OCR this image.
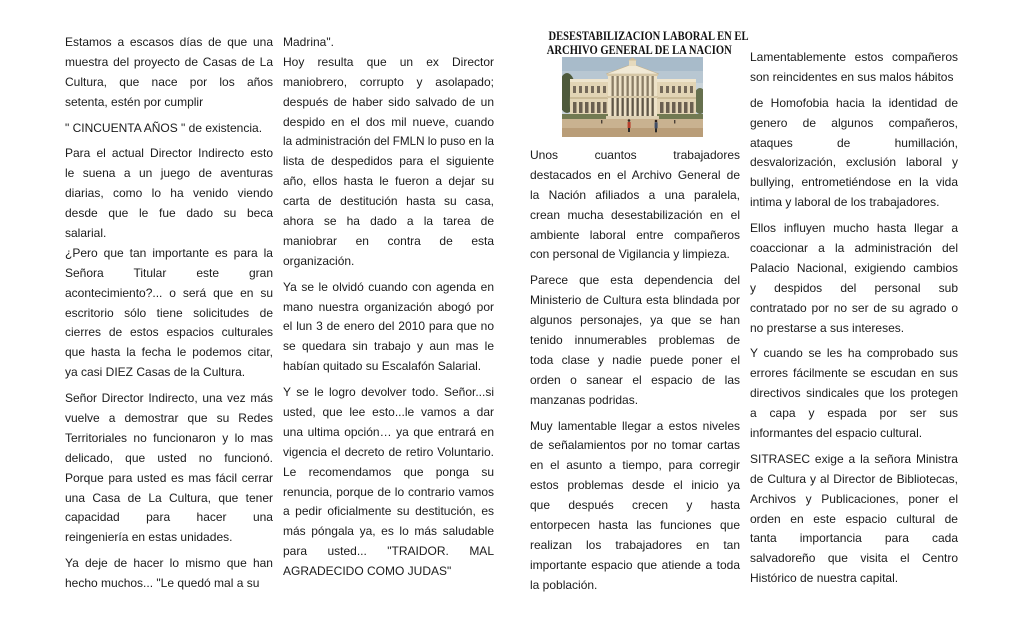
Estamos a escasos días de que una
muestra del proyecto de Casas de La
Cultura, que nace por los años
setenta, estén por cumplir
" CINCUENTA AÑOS " de existencia.
Para el actual Director Indirecto esto
le suena a un juego de aventuras
diarias, como lo ha venido viendo
desde que le fue dado su beca
salarial.
¿Pero que tan importante es para la
Señora Titular este gran
acontecimiento?... o será que en su
escritorio sólo tiene solicitudes de
cierres de estos espacios culturales
que hasta la fecha le podemos citar,
ya casi DIEZ Casas de la Cultura.
Señor Director Indirecto, una vez más
vuelve a demostrar que su Redes
Territoriales no funcionaron y lo mas
delicado, que usted no funcionó.
Porque para usted es mas fácil cerrar
una Casa de La Cultura, que tener
capacidad para hacer una
reingeniería en estas unidades.
Ya deje de hacer lo mismo que han
hecho muchos... "Le quedó mal a su
Madrina".
Hoy resulta que un ex Director
maniobrero, corrupto y asolapado;
después de haber sido salvado de un
despido en el dos mil nueve, cuando
la administración del FMLN lo puso en la
lista de despedidos para el siguiente
año, ellos hasta le fueron a dejar su
carta de destitución hasta su casa,
ahora se ha dado a la tarea de
maniobrar en contra de esta
organización.
Ya se le olvidó cuando con agenda en
mano nuestra organización abogó por
el lun 3 de enero del 2010 para que no
se quedara sin trabajo y aun mas le
habían quitado su Escalafón Salarial.
Y se le logro devolver todo. Señor...si
usted, que lee esto...le vamos a dar
una ultima opción… ya que entrará en
vigencia el decreto de retiro Voluntario.
Le recomendamos que ponga su
renuncia, porque de lo contrario vamos
a pedir oficialmente su destitución, es
más póngala ya, es lo más saludable
para usted... "TRAIDOR. MAL
AGRADECIDO COMO JUDAS"
DESESTABILIZACION LABORAL EN EL
ARCHIVO GENERAL DE LA NACION
Unos cuantos trabajadores
destacados en el Archivo General de
la Nación afiliados a una paralela,
crean mucha desestabilización en el
ambiente laboral entre compañeros
con personal de Vigilancia y limpieza.
Parece que esta dependencia del
Ministerio de Cultura esta blindada por
algunos personajes, ya que se han
tenido innumerables problemas de
toda clase y nadie puede poner el
orden o sanear el espacio de las
manzanas podridas.
Muy lamentable llegar a estos niveles
de señalamientos por no tomar cartas
en el asunto a tiempo, para corregir
estos problemas desde el inicio ya
que después crecen y hasta
entorpecen hasta las funciones que
realizan los trabajadores en tan
importante espacio que atiende a toda
la población.
Lamentablemente estos compañeros
son reincidentes en sus malos hábitos
de Homofobia hacia la identidad de
genero de algunos compañeros,
ataques de humillación,
desvalorización, exclusión laboral y
bullying, entrometiéndose en la vida
intima y laboral de los trabajadores.
Ellos influyen mucho hasta llegar a
coaccionar a la administración del
Palacio Nacional, exigiendo cambios
y despidos del personal sub
contratado por no ser de su agrado o
no prestarse a sus intereses.
Y cuando se les ha comprobado sus
errores fácilmente se escudan en sus
directivos sindicales que los protegen
a capa y espada por ser sus
informantes del espacio cultural.
SITRASEC exige a la señora Ministra
de Cultura y al Director de Bibliotecas,
Archivos y Publicaciones, poner el
orden en este espacio cultural de
tanta importancia para cada
salvadoreño que visita el Centro
Histórico de nuestra capital.
